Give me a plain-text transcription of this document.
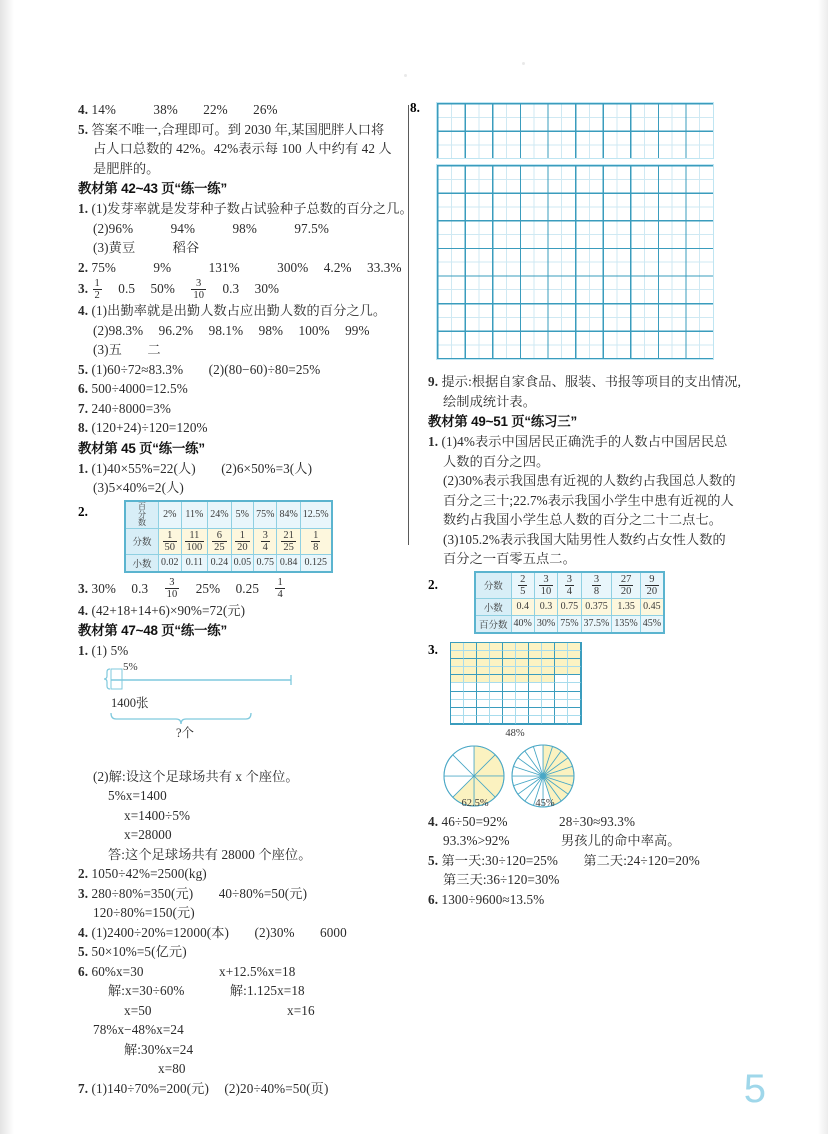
4. 14%	38% 22% 26%
5. 答案不唯一,合理即可。到 2030 年,某国肥胖人口将
占人口总数的 42%。42%表示每 100 人中约有 42 人
是肥胖的。
教材第 42~43 页“练一练”
1. (1)发芽率就是发芽种子数占试验种子总数的百分之几。
(2)96%	94%	98%	97.5%
(3)黄豆	稻谷
2. 75%	9%	131%	300% 4.2% 33.3%
3. $\frac{1}{2} 0.5$ $50\% \frac{3}{10} 0.3$ 30%
4. (1)出勤率就是出勤人数占应出勤人数的百分之几。
(2)98.3% 96.2% 98.1% 98% 100% 99%
(3)五 二
5. (1)60÷72≈83.3% (2)(80−60)÷80=25%
6. 500÷4000=12.5%
7. 240÷8000=3%
8. (120+24)÷120=120%
教材第 45 页“练一练”
1. (1)40×55%=22(人) (2)6×50%=3(人)
(3)5×40%=2(人)
2.	百
分
数	2%	11%	24%	5%	75%	84%	12.5%
分数	$\frac{1}{50}$	$\frac{11}{100}$	$\frac{6}{25}$	$\frac{1}{20}$	$\frac{3}{4}$	$\frac{21}{25}$	$\frac{1}{8}$

小数	0.02	0.11	0.24	0.05	0.75	0.84	0.125
3. 30% $0.3 \frac{3}{10} 25\%$ $0.25 \frac{1}{4}$
4. (42+18+14+6)×90%=72(元)
教材第 47~48 页“练一练”
1. (1) 5%
5%
1400张
?个
(2)解:设这个足球场共有 x 个座位。
5%x=1400
x=1400÷5%
x=28000
答:这个足球场共有 28000 个座位。
2. 1050÷42%=2500(kg)
3. 280÷80%=350(元) 40÷80%=50(元)
120÷80%=150(元)
4. (1)2400÷20%=12000(本) (2)30% 6000
5. 50×10%=5(亿元)
6. 60%x=30	x+12.5%x=18
解:x=30÷60%	解:1.125x=18
x=50	x=16
78%x−48%x=24
解:30%x=24
x=80
7. (1)140÷70%=200(元) (2)20÷40%=50(页)
8.
9. 提示:根据自家食品、服装、书报等项目的支出情况,
绘制成统计表。
教材第 49~51 页“练习三”
1. (1)4%表示中国居民正确洗手的人数占中国居民总
人数的百分之四。
(2)30%表示我国患有近视的人数约占我国总人数的
百分之三十;22.7%表示我国小学生中患有近视的人
数约占我国小学生总人数的百分之二十二点七。
(3)105.2%表示我国大陆男性人数约占女性人数的
百分之一百零五点二。
2.	分数	$\frac{2}{5}$	$\frac{3}{10}$	$\frac{3}{4}$	$\frac{3}{8}$	$\frac{27}{20}$	$\frac{9}{20}$

小数	0.4	0.3	0.75	0.375	1.35	0.45
百分数	40%	30%	75%	37.5%	135%	45%
3.
48%
62.5%	45%
4. 46÷50=92%	28÷30≈93.3%
93.3%>92%	男孩儿的命中率高。
5. 第一天:30÷120=25% 第二天:24÷120=20%
第三天:36÷120=30%
6. 1300÷9600≈13.5%
5
